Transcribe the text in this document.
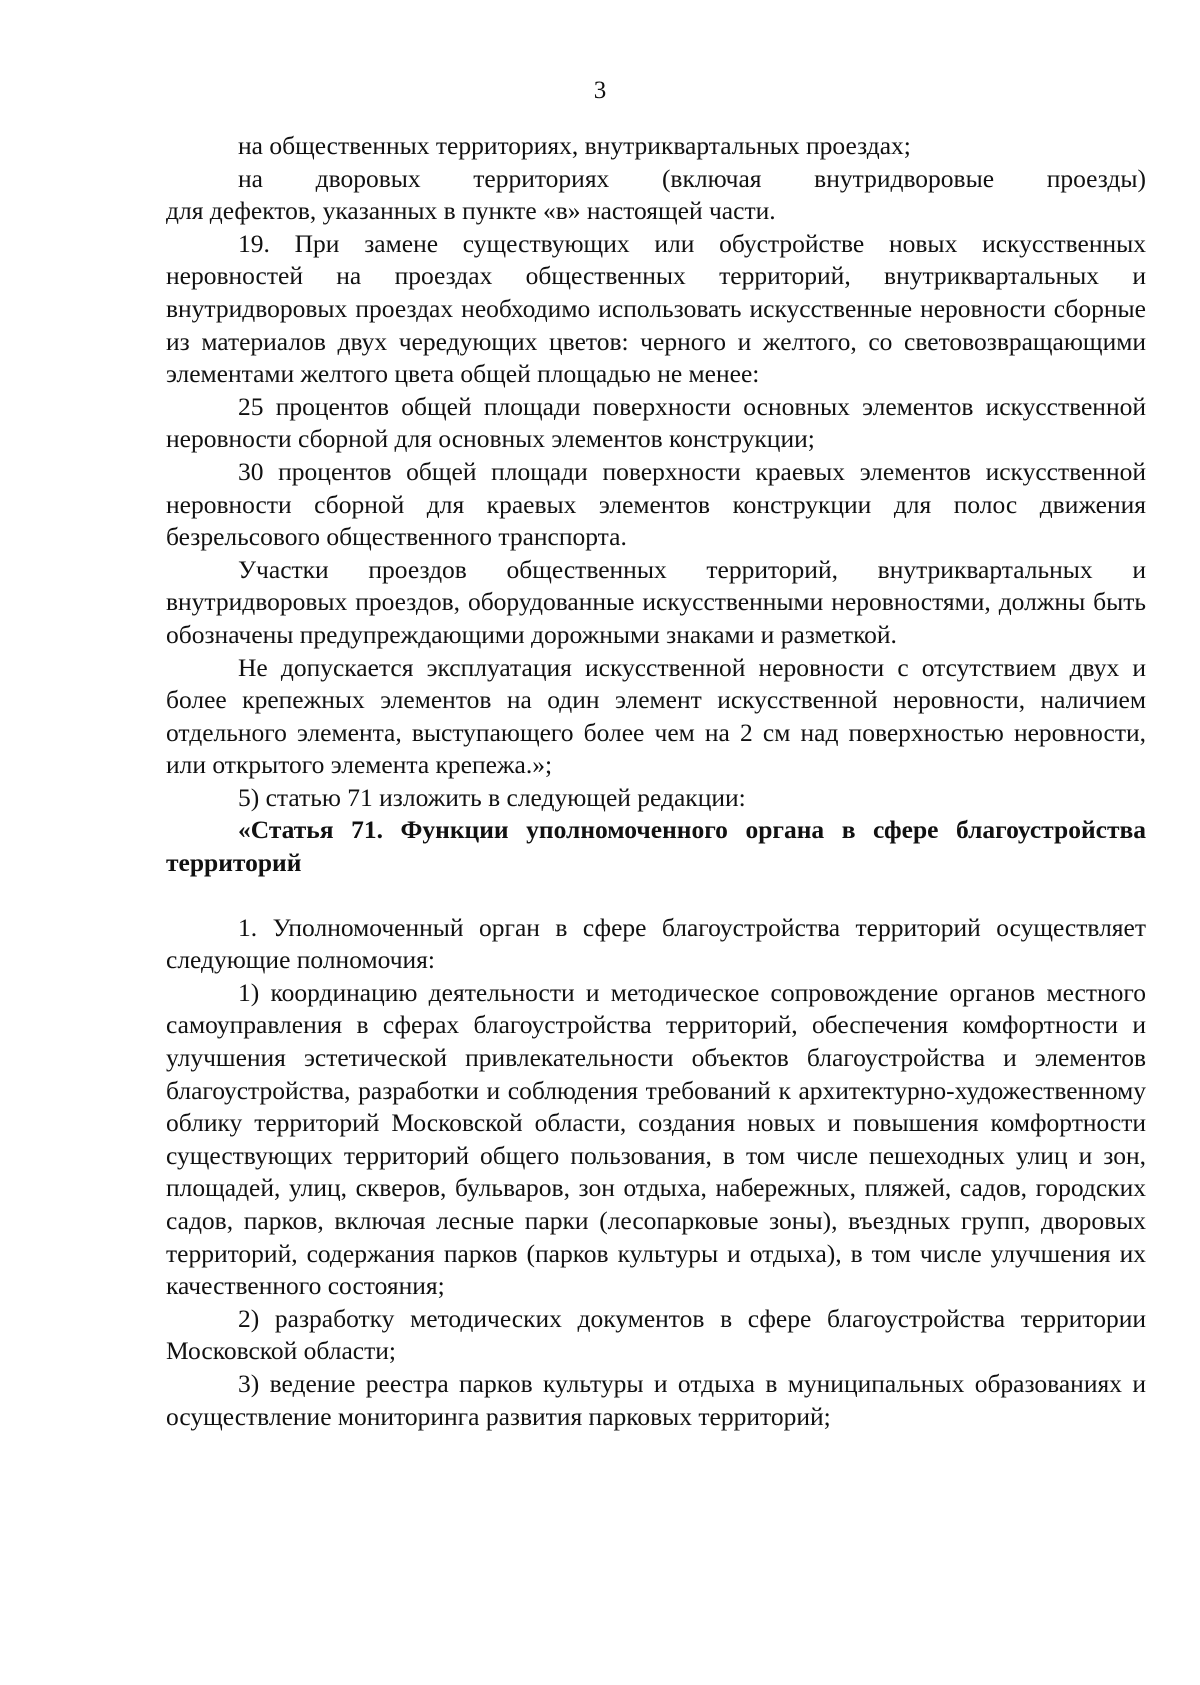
3

на общественных территориях, внутриквартальных проездах;

на дворовых территориях (включая внутридворовые проезды)

для дефектов, указанных в пункте «в» настоящей части.

19. При замене существующих или обустройстве новых искусственных неровностей на проездах общественных территорий, внутриквартальных и внутридворовых проездах необходимо использовать искусственные неровности сборные из материалов двух чередующих цветов: черного и желтого, со световозвращающими элементами желтого цвета общей площадью не менее:

25 процентов общей площади поверхности основных элементов искусственной неровности сборной для основных элементов конструкции;

30 процентов общей площади поверхности краевых элементов искусственной неровности сборной для краевых элементов конструкции для полос движения безрельсового общественного транспорта.

Участки проездов общественных территорий, внутриквартальных и внутридворовых проездов, оборудованные искусственными неровностями, должны быть обозначены предупреждающими дорожными знаками и разметкой.

Не допускается эксплуатация искусственной неровности с отсутствием двух и более крепежных элементов на один элемент искусственной неровности, наличием отдельного элемента, выступающего более чем на 2 см над поверхностью неровности, или открытого элемента крепежа.»;

5) статью 71 изложить в следующей редакции:

«Статья 71. Функции уполномоченного органа в сфере благоустройства территорий

1. Уполномоченный орган в сфере благоустройства территорий осуществляет следующие полномочия:

1) координацию деятельности и методическое сопровождение органов местного самоуправления в сферах благоустройства территорий, обеспечения комфортности и улучшения эстетической привлекательности объектов благоустройства и элементов благоустройства, разработки и соблюдения требований к архитектурно-художественному облику территорий Московской области, создания новых и повышения комфортности существующих территорий общего пользования, в том числе пешеходных улиц и зон, площадей, улиц, скверов, бульваров, зон отдыха, набережных, пляжей, садов, городских садов, парков, включая лесные парки (лесопарковые зоны), въездных групп, дворовых территорий, содержания парков (парков культуры и отдыха), в том числе улучшения их качественного состояния;

2) разработку методических документов в сфере благоустройства территории Московской области;

3) ведение реестра парков культуры и отдыха в муниципальных образованиях и осуществление мониторинга развития парковых территорий;
